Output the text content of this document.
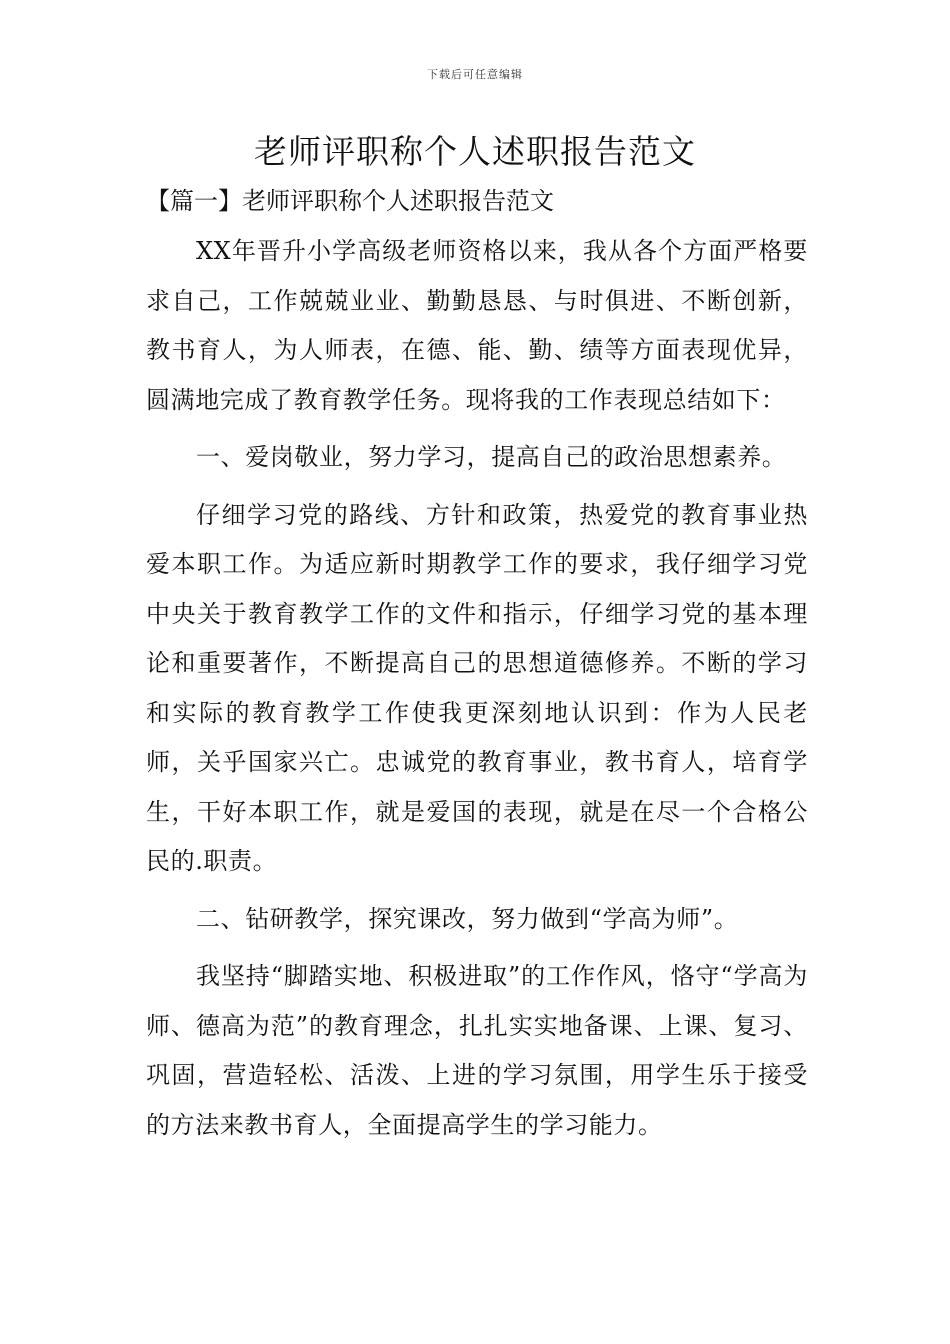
下载后可任意编辑
老师评职称个人述职报告范文
【篇一】老师评职称个人述职报告范文

XX年晋升小学高级老师资格以来，我从各个方面严格要求自己，工作兢兢业业、勤勤恳恳、与时俱进、不断创新，教书育人，为人师表，在德、能、勤、绩等方面表现优异，圆满地完成了教育教学任务。现将我的工作表现总结如下：

一、爱岗敬业，努力学习，提高自己的政治思想素养。

仔细学习党的路线、方针和政策，热爱党的教育事业热爱本职工作。为适应新时期教学工作的要求，我仔细学习党中央关于教育教学工作的文件和指示，仔细学习党的基本理论和重要著作，不断提高自己的思想道德修养。不断的学习和实际的教育教学工作使我更深刻地认识到：作为人民老师，关乎国家兴亡。忠诚党的教育事业，教书育人，培育学生，干好本职工作，就是爱国的表现，就是在尽一个合格公民的.职责。

二、钻研教学，探究课改，努力做到“学高为师”。

我坚持“脚踏实地、积极进取”的工作作风，恪守“学高为师、德高为范”的教育理念，扎扎实实地备课、上课、复习、巩固，营造轻松、活泼、上进的学习氛围，用学生乐于接受的方法来教书育人，全面提高学生的学习能力。
